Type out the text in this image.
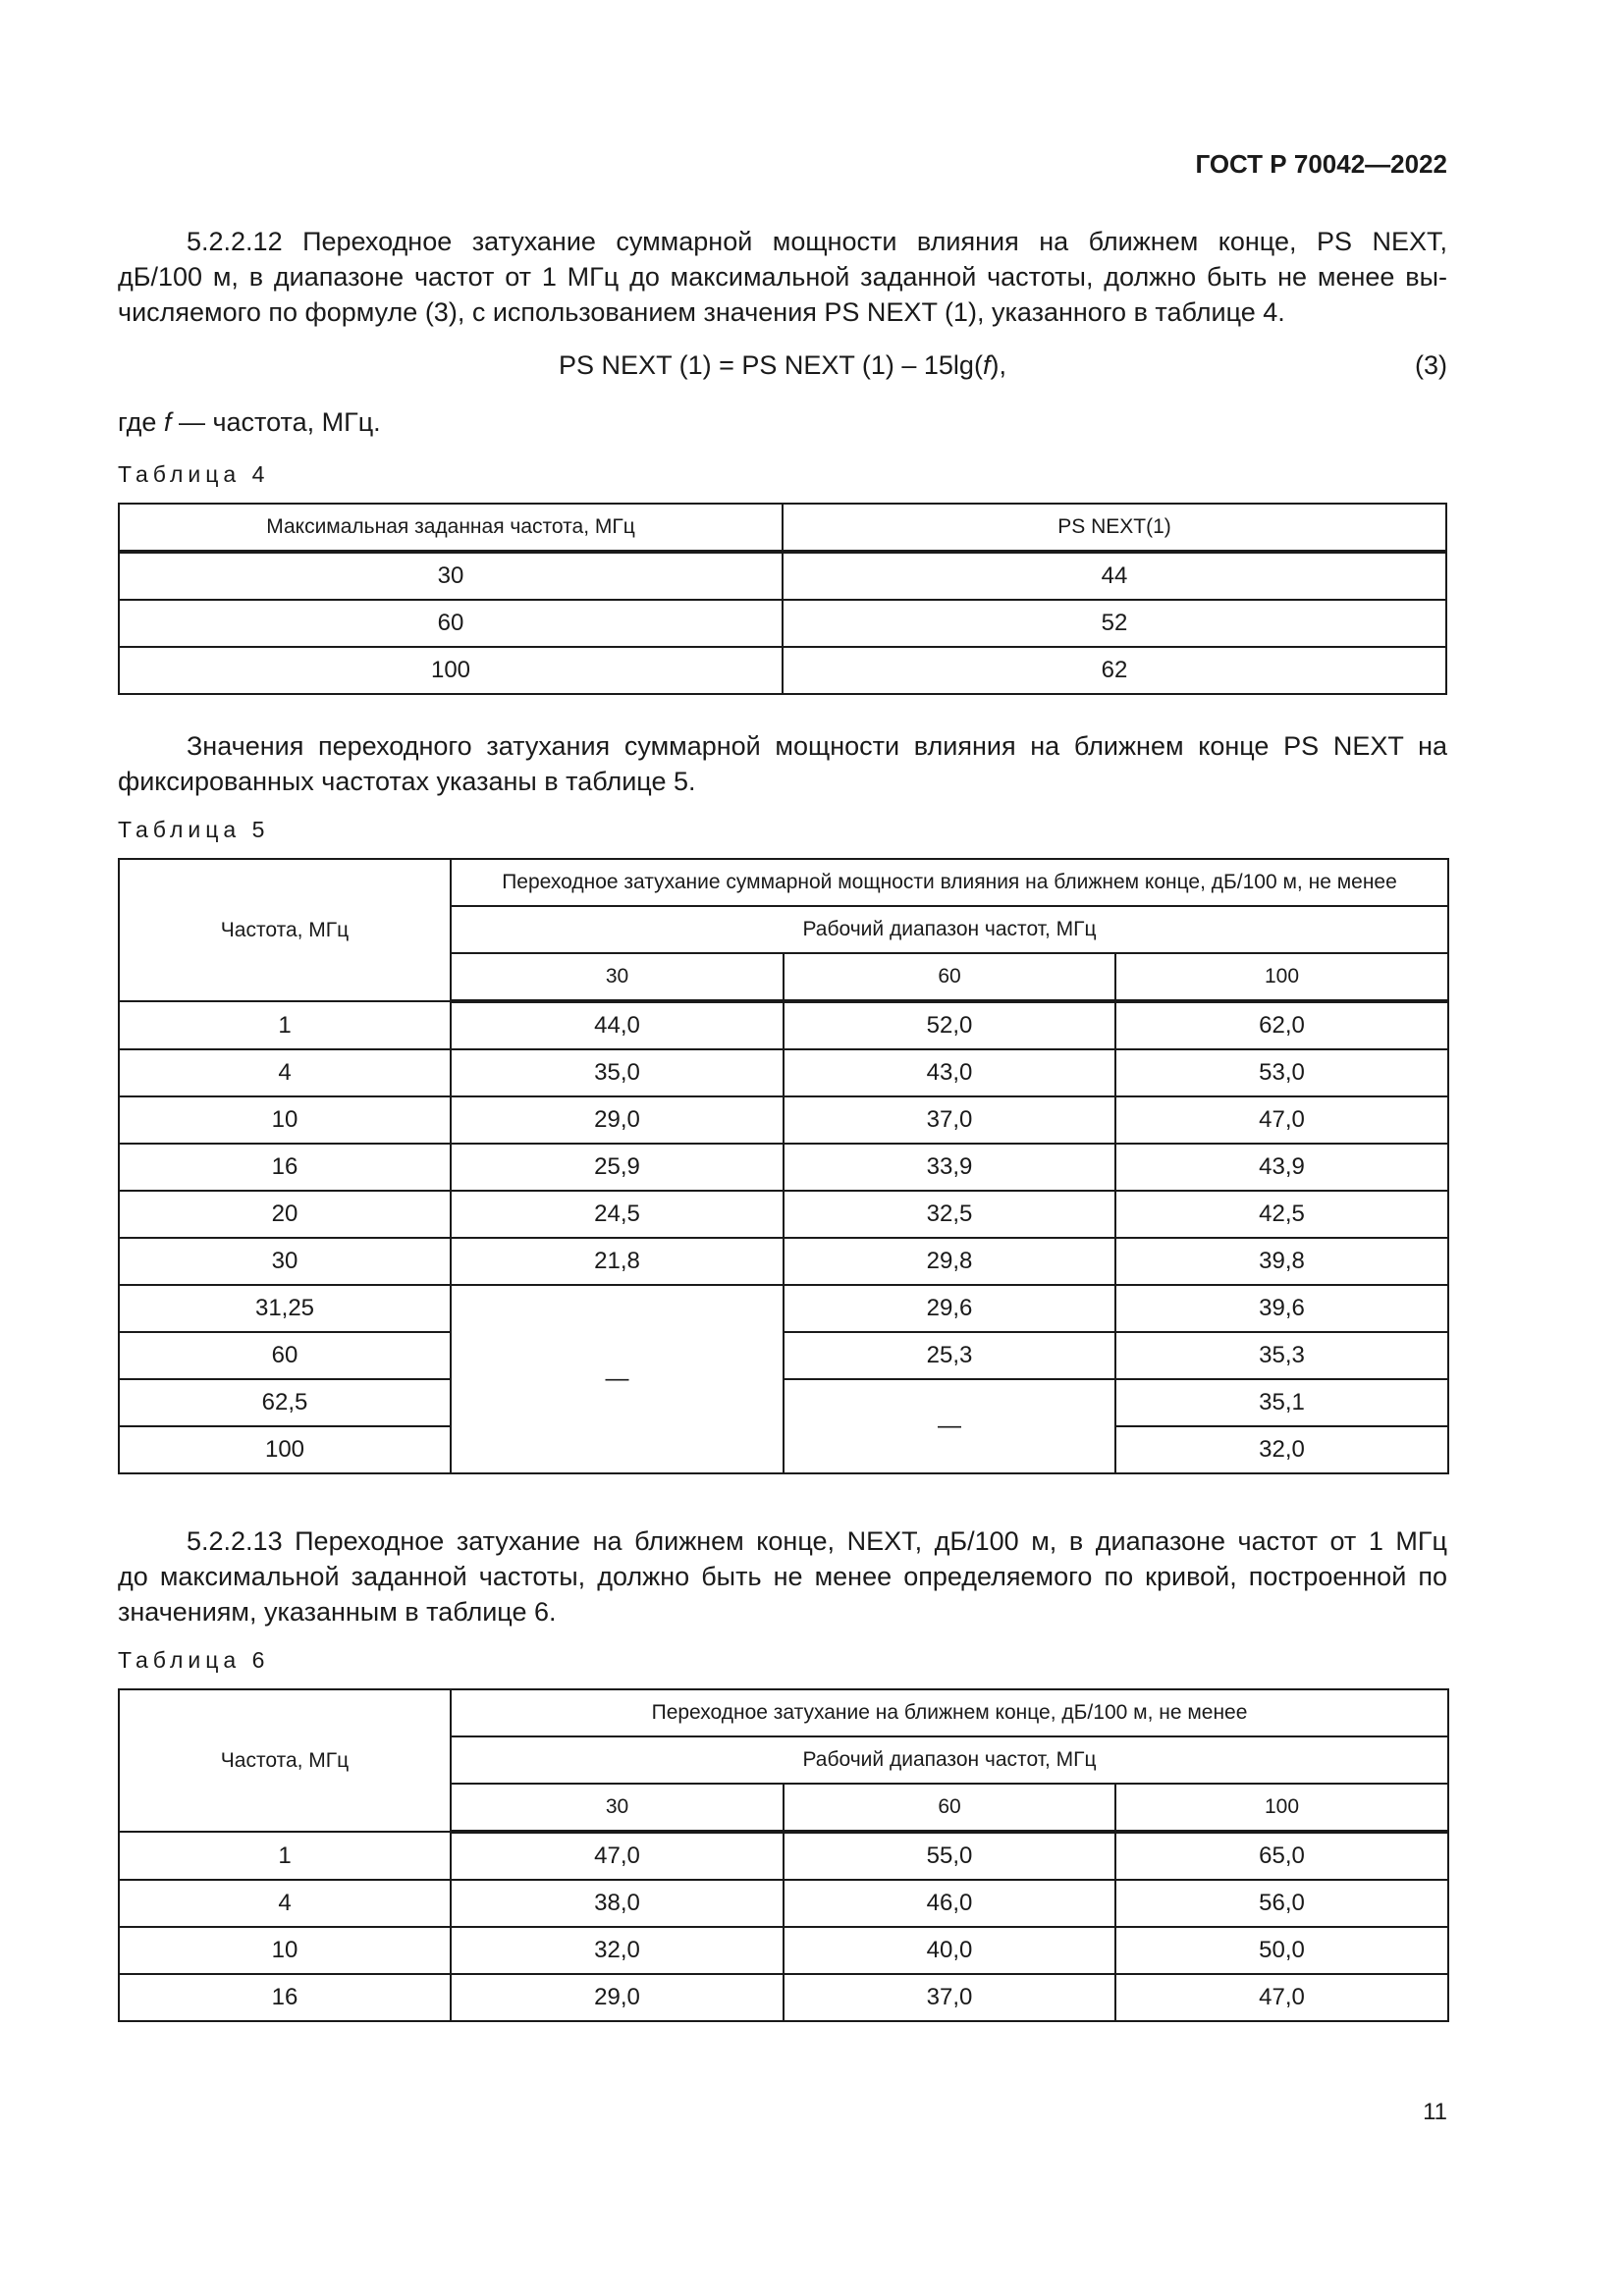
ГОСТ Р 70042—2022
5.2.2.12 Переходное затухание суммарной мощности влияния на ближнем конце, PS NEXT,
дБ/100 м, в диапазоне частот от 1 МГц до максимальной заданной частоты, должно быть не менее вы-
числяемого по формуле (3), с использованием значения PS NEXT (1), указанного в таблице 4.
PS NEXT (1) = PS NEXT (1) – 15lg(f),	(3)
где f — частота, МГц.
Таблица 4
Максимальная заданная частота, МГц	PS NEXT(1)
30	44
60	52
100	62
Значения переходного затухания суммарной мощности влияния на ближнем конце PS NEXT на
фиксированных частотах указаны в таблице 5.
Таблица 5
Частота, МГц	Переходное затухание суммарной мощности влияния на ближнем конце, дБ/100 м, не менее		
	Рабочий диапазон частот, МГц		
	30	60	100
1	44,0	52,0	62,0
4	35,0	43,0	53,0
10	29,0	37,0	47,0
16	25,9	33,9	43,9
20	24,5	32,5	42,5
30	21,8	29,8	39,8
31,25	—	29,6	39,6
60		25,3	35,3
62,5		—	35,1
100			32,0
5.2.2.13 Переходное затухание на ближнем конце, NEXT, дБ/100 м, в диапазоне частот от 1 МГц
до максимальной заданной частоты, должно быть не менее определяемого по кривой, построенной по
значениям, указанным в таблице 6.
Таблица 6
Частота, МГц	Переходное затухание на ближнем конце, дБ/100 м, не менее		
	Рабочий диапазон частот, МГц		
	30	60	100
1	47,0	55,0	65,0
4	38,0	46,0	56,0
10	32,0	40,0	50,0
16	29,0	37,0	47,0
11
